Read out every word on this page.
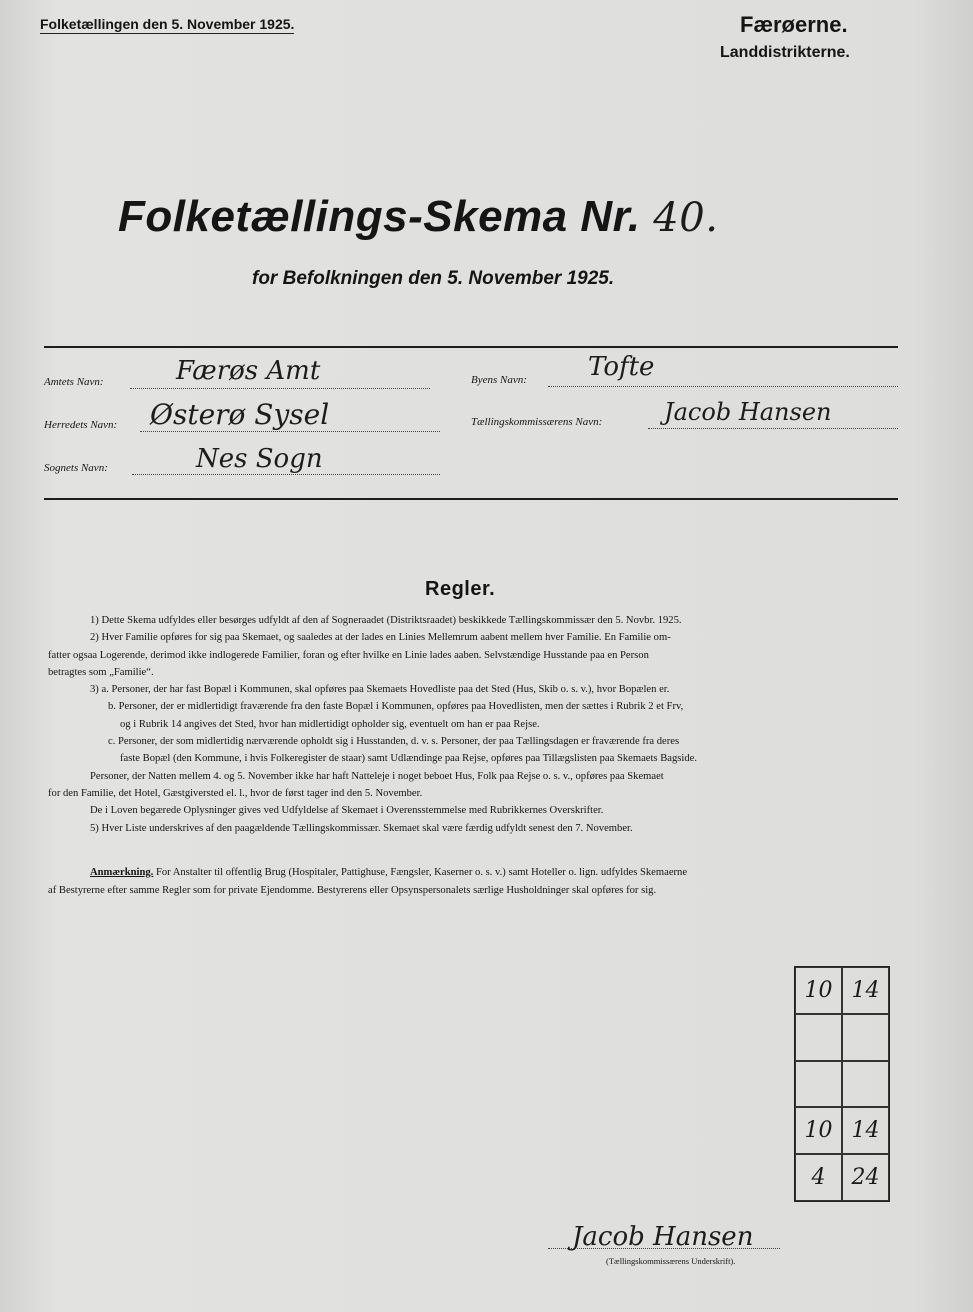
Folketællingen den 5. November 1925.	Færøerne.
Landdistrikterne.
Folketællings-Skema Nr. 40.
for Befolkningen den 5. November 1925.
Amtets Navn:	Færøs Amt
Herredets Navn: Østerø Sysel
Sognets Navn:	Nes Sogn
Byens Navn: Tofte
Tællingskommissærens Navn:	Jacob Hansen
Regler.
1) Dette Skema udfyldes eller besørges udfyldt af den af Sogneraadet (Distriktsraadet) beskikkede Tællingskommissær den 5. Novbr. 1925.
2) Hver Familie opføres for sig paa Skemaet, og saaledes at der lades en Linies Mellemrum aabent mellem hver Familie. En Familie om-
fatter ogsaa Logerende, derimod ikke indlogerede Familier, foran og efter hvilke en Linie lades aaben. Selvstændige Husstande paa en Person
betragtes som „Familie“.
3) a. Personer, der har fast Bopæl i Kommunen, skal opføres paa Skemaets Hovedliste paa det Sted (Hus, Skib o. s. v.), hvor Bopælen er.
b. Personer, der er midlertidigt fraværende fra den faste Bopæl i Kommunen, opføres paa Hovedlisten, men der sættes i Rubrik 2 et Frv,
og i Rubrik 14 angives det Sted, hvor han midlertidigt opholder sig, eventuelt om han er paa Rejse.
c. Personer, der som midlertidig nærværende opholdt sig i Husstanden, d. v. s. Personer, der paa Tællingsdagen er fraværende fra deres
faste Bopæl (den Kommune, i hvis Folkeregister de staar) samt Udlændinge paa Rejse, opføres paa Tillægslisten paa Skemaets Bagside.
Personer, der Natten mellem 4. og 5. November ikke har haft Natteleje i noget beboet Hus, Folk paa Rejse o. s. v., opføres paa Skemaet
for den Familie, det Hotel, Gæstgiversted el. l., hvor de først tager ind den 5. November.
De i Loven begærede Oplysninger gives ved Udfyldelse af Skemaet i Overensstemmelse med Rubrikkernes Overskrifter.
5) Hver Liste underskrives af den paagældende Tællingskommissær. Skemaet skal være færdig udfyldt senest den 7. November.
Anmærkning. For Anstalter til offentlig Brug (Hospitaler, Pattighuse, Fængsler, Kaserner o. s. v.) samt Hoteller o. lign. udfyldes Skemaerne
af Bestyrerne efter samme Regler som for private Ejendomme. Bestyrerens eller Opsynspersonalets særlige Husholdninger skal opføres for sig.
10 14
10 14
4	24
Jacob Hansen
(Tællingskommissærens Underskrift).
